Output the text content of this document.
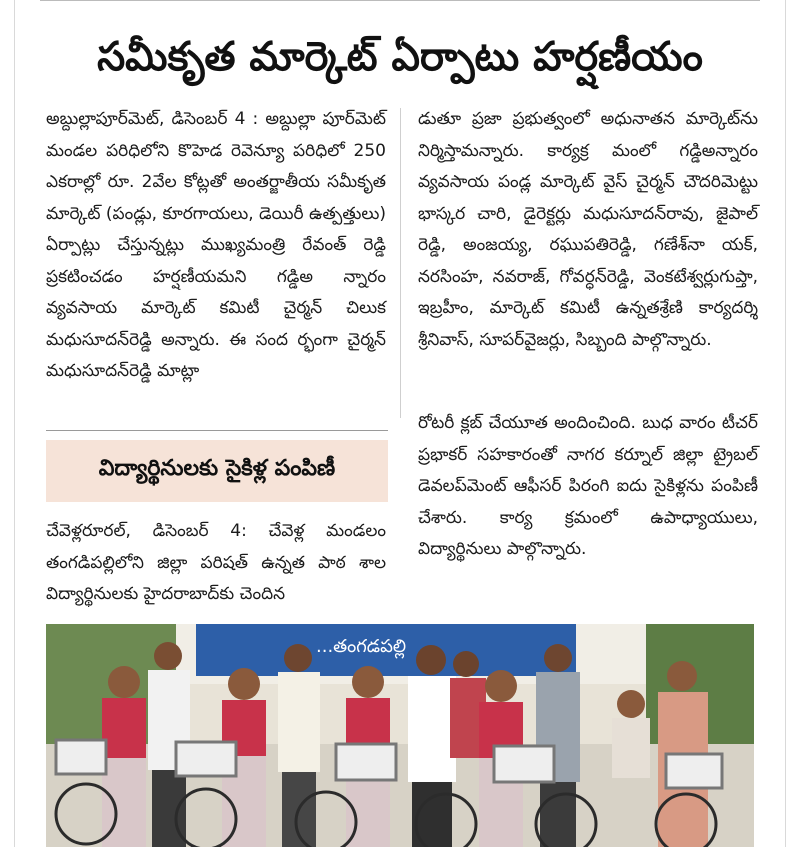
సమీకృత మార్కెట్ ఏర్పాటు హర్షణీయం
అబ్దుల్లాపూర్‌మెట్, డిసెంబర్ 4 : అబ్దుల్లా పూర్‌మెట్ మండల పరిధిలోని కొహెడ రెవెన్యూ పరిధిలో 250 ఎకరాల్లో రూ. 2వేల కోట్లతో అంతర్జాతీయ సమీకృత మార్కెట్ (పండ్లు, కూరగాయలు, డెయిరీ ఉత్పత్తులు) ఏర్పాట్లు చేస్తున్నట్లు ముఖ్యమంత్రి రేవంత్ రెడ్డి ప్రకటించడం హర్షణీయమని గడ్డిఅ న్నారం వ్యవసాయ మార్కెట్ కమిటీ చైర్మన్ చిలుక మధుసూదన్‌రెడ్డి అన్నారు. ఈ సంద ర్భంగా చైర్మన్ మధుసూదన్‌రెడ్డి మాట్లా
డుతూ ప్రజా ప్రభుత్వంలో అధునాతన మార్కెట్‌ను నిర్మిస్తామన్నారు. కార్యక్ర మంలో గడ్డిఅన్నారం వ్యవసాయ పండ్ల మార్కెట్ వైస్ చైర్మన్ చౌదరిమెట్టు భాస్కర చారి, డైరెక్టర్లు మధుసూదన్‌రావు, జైపాల్ రెడ్డి, అంజయ్య, రఘుపతిరెడ్డి, గణేశ్‌నా యక్, నరసింహ, నవరాజ్, గోవర్ధన్‌రెడ్డి, వెంకటేశ్వర్లుగుప్తా, ఇబ్రహీం, మార్కెట్ కమిటీ ఉన్నతశ్రేణి కార్యదర్శి శ్రీనివాస్, సూపర్‌వైజర్లు, సిబ్బంది పాల్గొన్నారు.
విద్యార్థినులకు సైకిళ్ల పంపిణీ
చేవెళ్లరూరల్, డిసెంబర్ 4: చేవెళ్ల మండలం తంగడిపల్లిలోని జిల్లా పరిషత్ ఉన్నత పాఠ శాల విద్యార్థినులకు హైదరాబాద్‌కు చెందిన
రోటరీ క్లబ్ చేయూత అందించింది. బుధ వారం టీచర్ ప్రభాకర్ సహకారంతో నాగర కర్నూల్ జిల్లా ట్రైబల్ డెవలప్‌మెంట్ ఆఫీసర్ పిరంగి ఐదు సైకిళ్లను పంపిణీ చేశారు. కార్య క్రమంలో ఉపాధ్యాయులు, విద్యార్థినులు పాల్గొన్నారు.
...తంగడపల్లి
